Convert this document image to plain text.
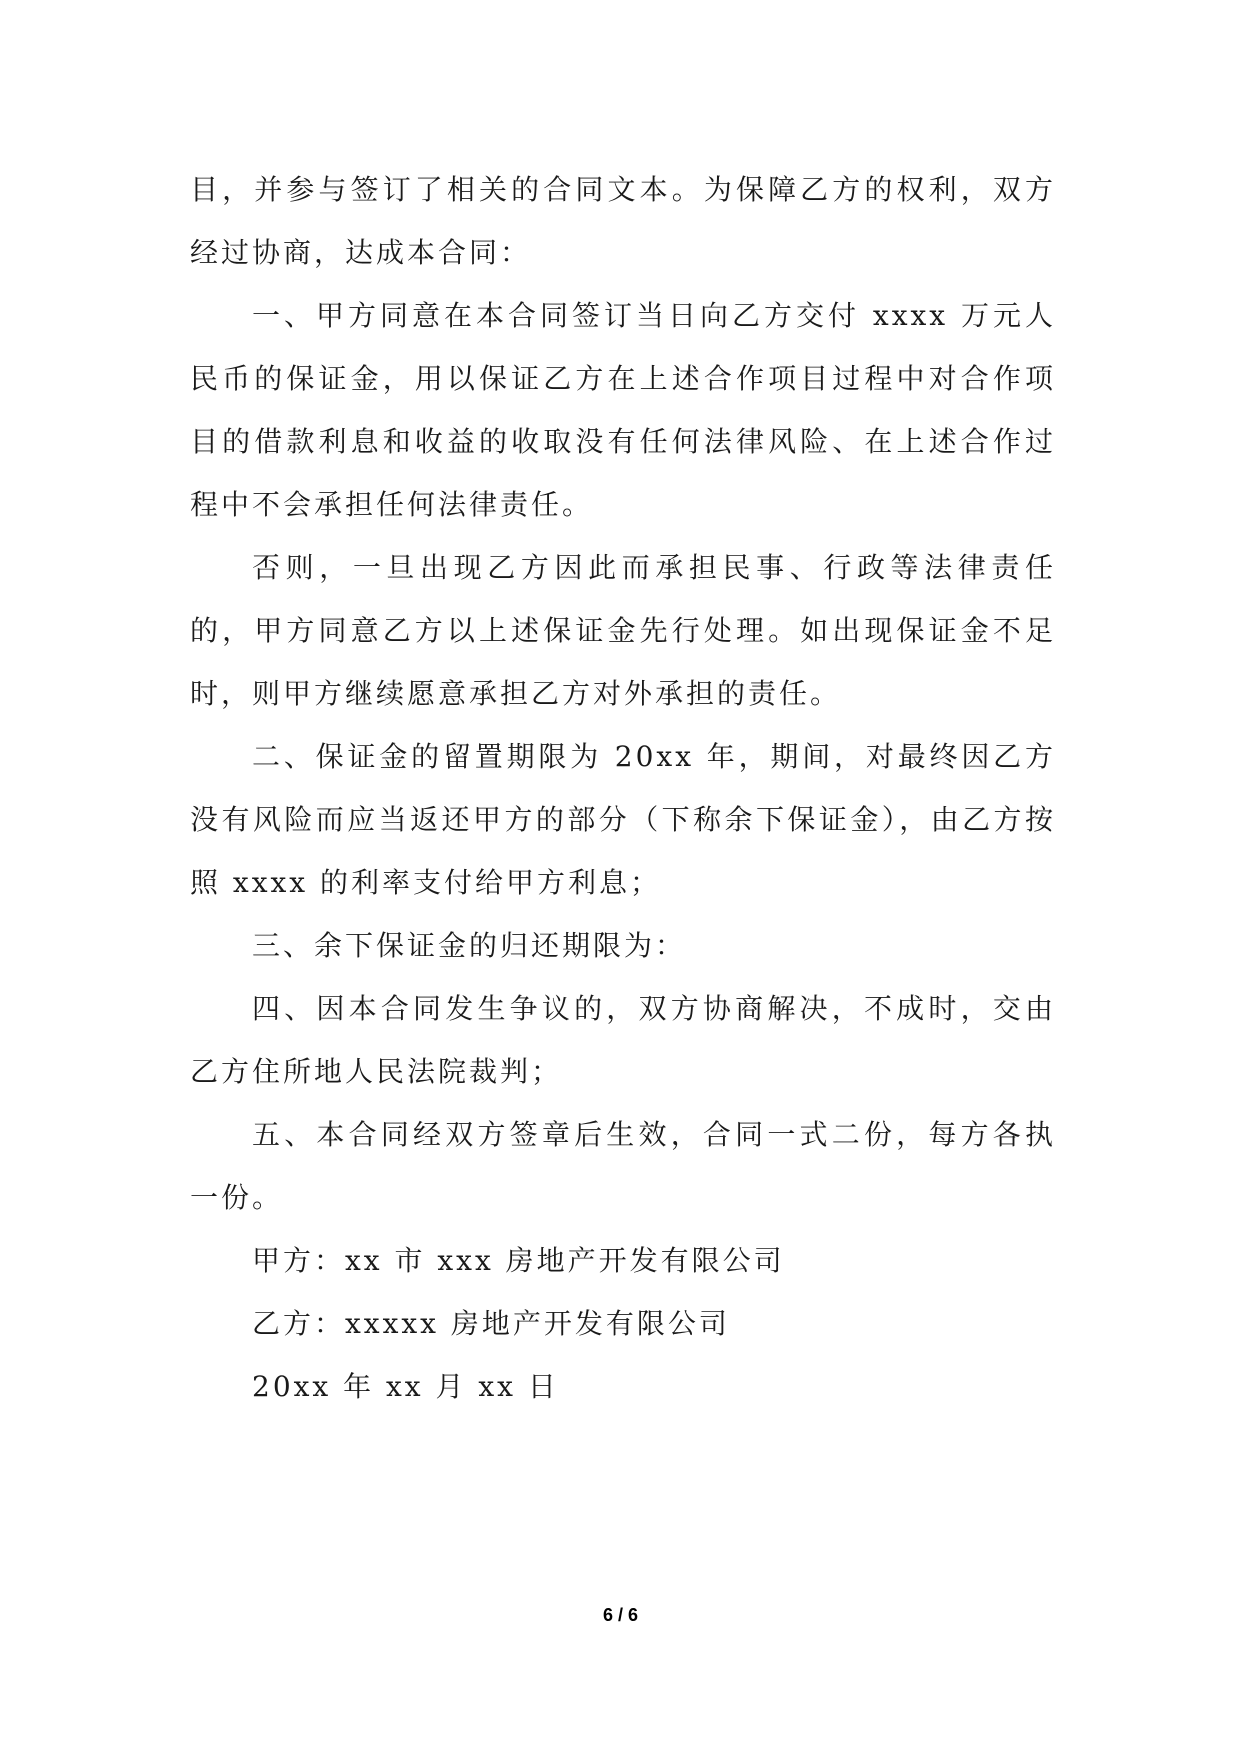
目，并参与签订了相关的合同文本。为保障乙方的权利，双方经过协商，达成本合同：

一、甲方同意在本合同签订当日向乙方交付 xxxx 万元人民币的保证金，用以保证乙方在上述合作项目过程中对合作项目的借款利息和收益的收取没有任何法律风险、在上述合作过程中不会承担任何法律责任。

否则，一旦出现乙方因此而承担民事、行政等法律责任的，甲方同意乙方以上述保证金先行处理。如出现保证金不足时，则甲方继续愿意承担乙方对外承担的责任。

二、保证金的留置期限为 20xx 年，期间，对最终因乙方没有风险而应当返还甲方的部分（下称余下保证金），由乙方按照 xxxx 的利率支付给甲方利息；

三、余下保证金的归还期限为：

四、因本合同发生争议的，双方协商解决，不成时，交由乙方住所地人民法院裁判；

五、本合同经双方签章后生效，合同一式二份，每方各执一份。

甲方：xx 市 xxx 房地产开发有限公司

乙方：xxxxx 房地产开发有限公司

20xx 年 xx 月 xx 日

6 / 6
